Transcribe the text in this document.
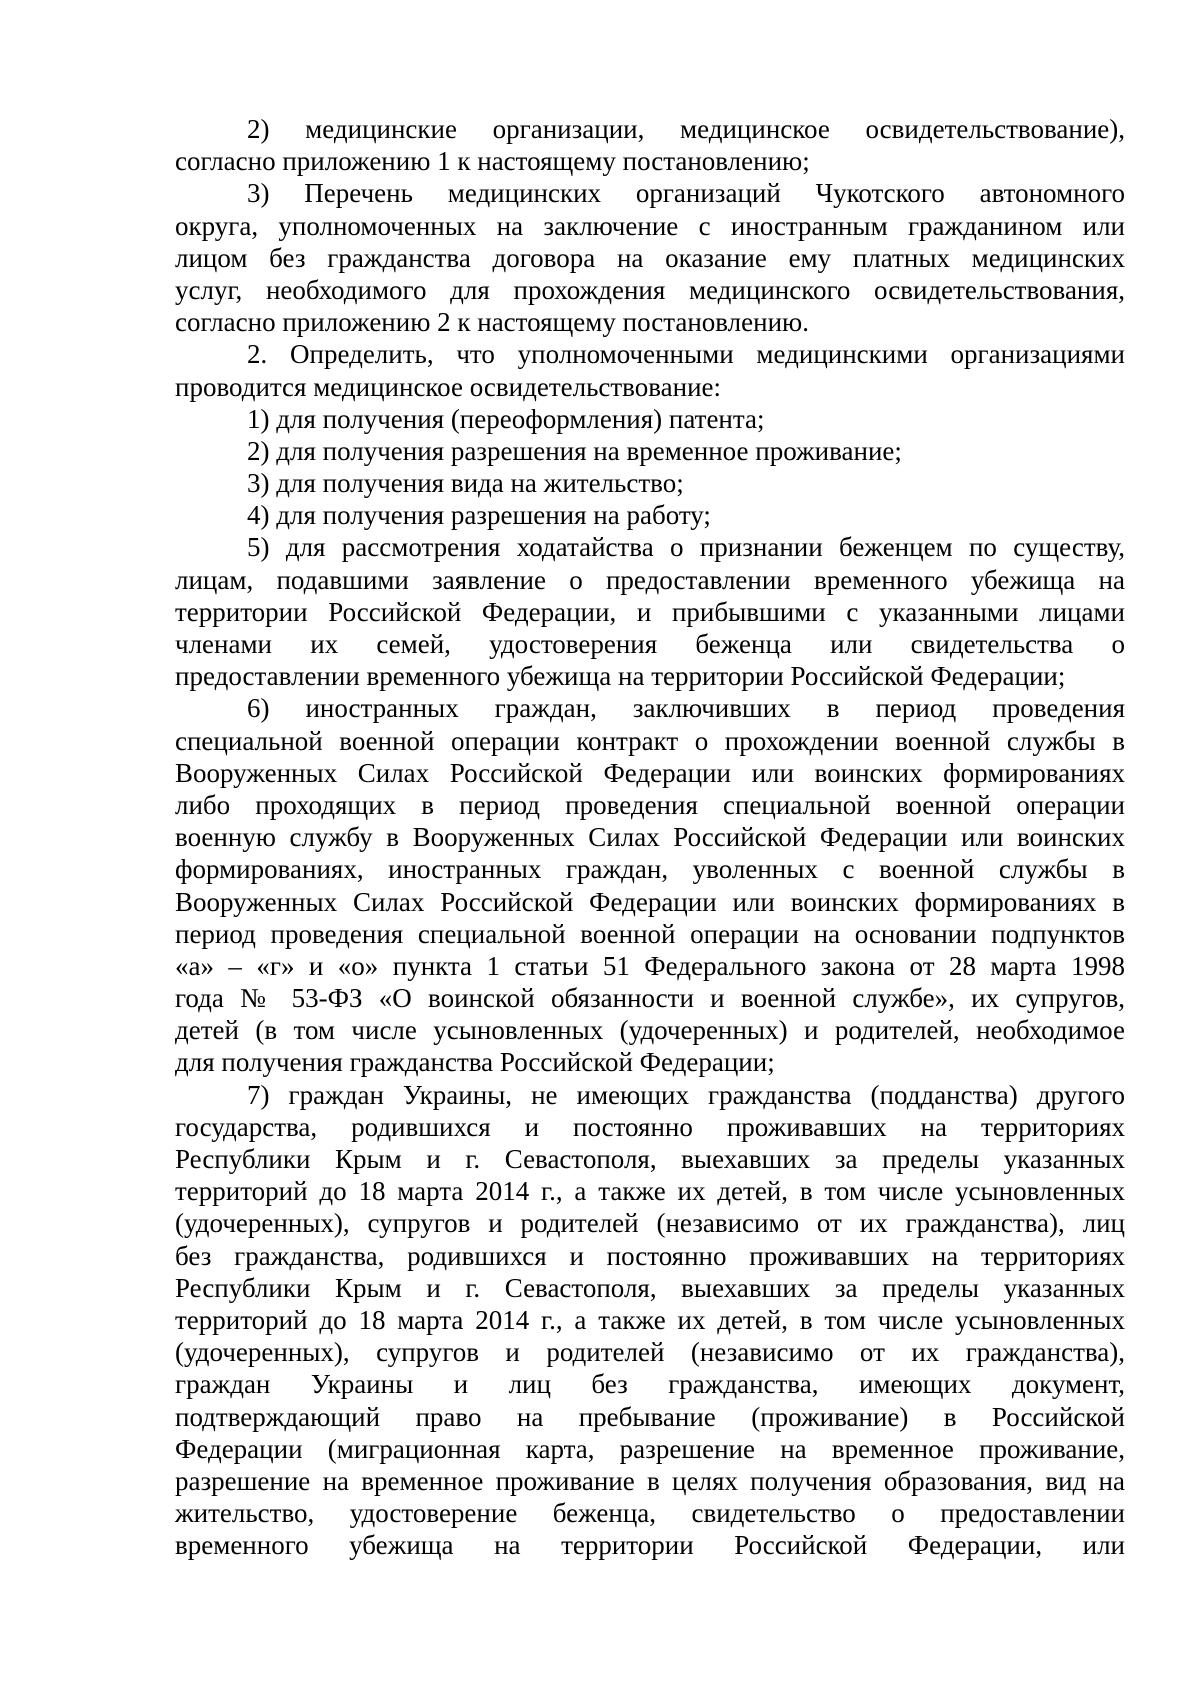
2) медицинские организации, медицинское освидетельствование),
согласно приложению 1 к настоящему постановлению;
3) Перечень медицинских организаций Чукотского автономного
округа, уполномоченных на заключение с иностранным гражданином или
лицом без гражданства договора на оказание ему платных медицинских
услуг, необходимого для прохождения медицинского освидетельствования,
согласно приложению 2 к настоящему постановлению.
2. Определить, что уполномоченными медицинскими организациями
проводится медицинское освидетельствование:
1) для получения (переоформления) патента;
2) для получения разрешения на временное проживание;
3) для получения вида на жительство;
4) для получения разрешения на работу;
5) для рассмотрения ходатайства о признании беженцем по существу,
лицам, подавшими заявление о предоставлении временного убежища на
территории Российской Федерации, и прибывшими с указанными лицами
членами их семей, удостоверения беженца или свидетельства о
предоставлении временного убежища на территории Российской Федерации;
6) иностранных граждан, заключивших в период проведения
специальной военной операции контракт о прохождении военной службы в
Вооруженных Силах Российской Федерации или воинских формированиях
либо проходящих в период проведения специальной военной операции
военную службу в Вооруженных Силах Российской Федерации или воинских
формированиях, иностранных граждан, уволенных с военной службы в
Вооруженных Силах Российской Федерации или воинских формированиях в
период проведения специальной военной операции на основании подпунктов
«а» – «г» и «о» пункта 1 статьи 51 Федерального закона от 28 марта 1998
года № 53-ФЗ «О воинской обязанности и военной службе», их супругов,
детей (в том числе усыновленных (удочеренных) и родителей, необходимое
для получения гражданства Российской Федерации;
7) граждан Украины, не имеющих гражданства (подданства) другого
государства, родившихся и постоянно проживавших на территориях
Республики Крым и г. Севастополя, выехавших за пределы указанных
территорий до 18 марта 2014 г., а также их детей, в том числе усыновленных
(удочеренных), супругов и родителей (независимо от их гражданства), лиц
без гражданства, родившихся и постоянно проживавших на территориях
Республики Крым и г. Севастополя, выехавших за пределы указанных
территорий до 18 марта 2014 г., а также их детей, в том числе усыновленных
(удочеренных), супругов и родителей (независимо от их гражданства),
граждан Украины и лиц без гражданства, имеющих документ,
подтверждающий право на пребывание (проживание) в Российской
Федерации (миграционная карта, разрешение на временное проживание,
разрешение на временное проживание в целях получения образования, вид на
жительство, удостоверение беженца, свидетельство о предоставлении
временного убежища на территории Российской Федерации, или
